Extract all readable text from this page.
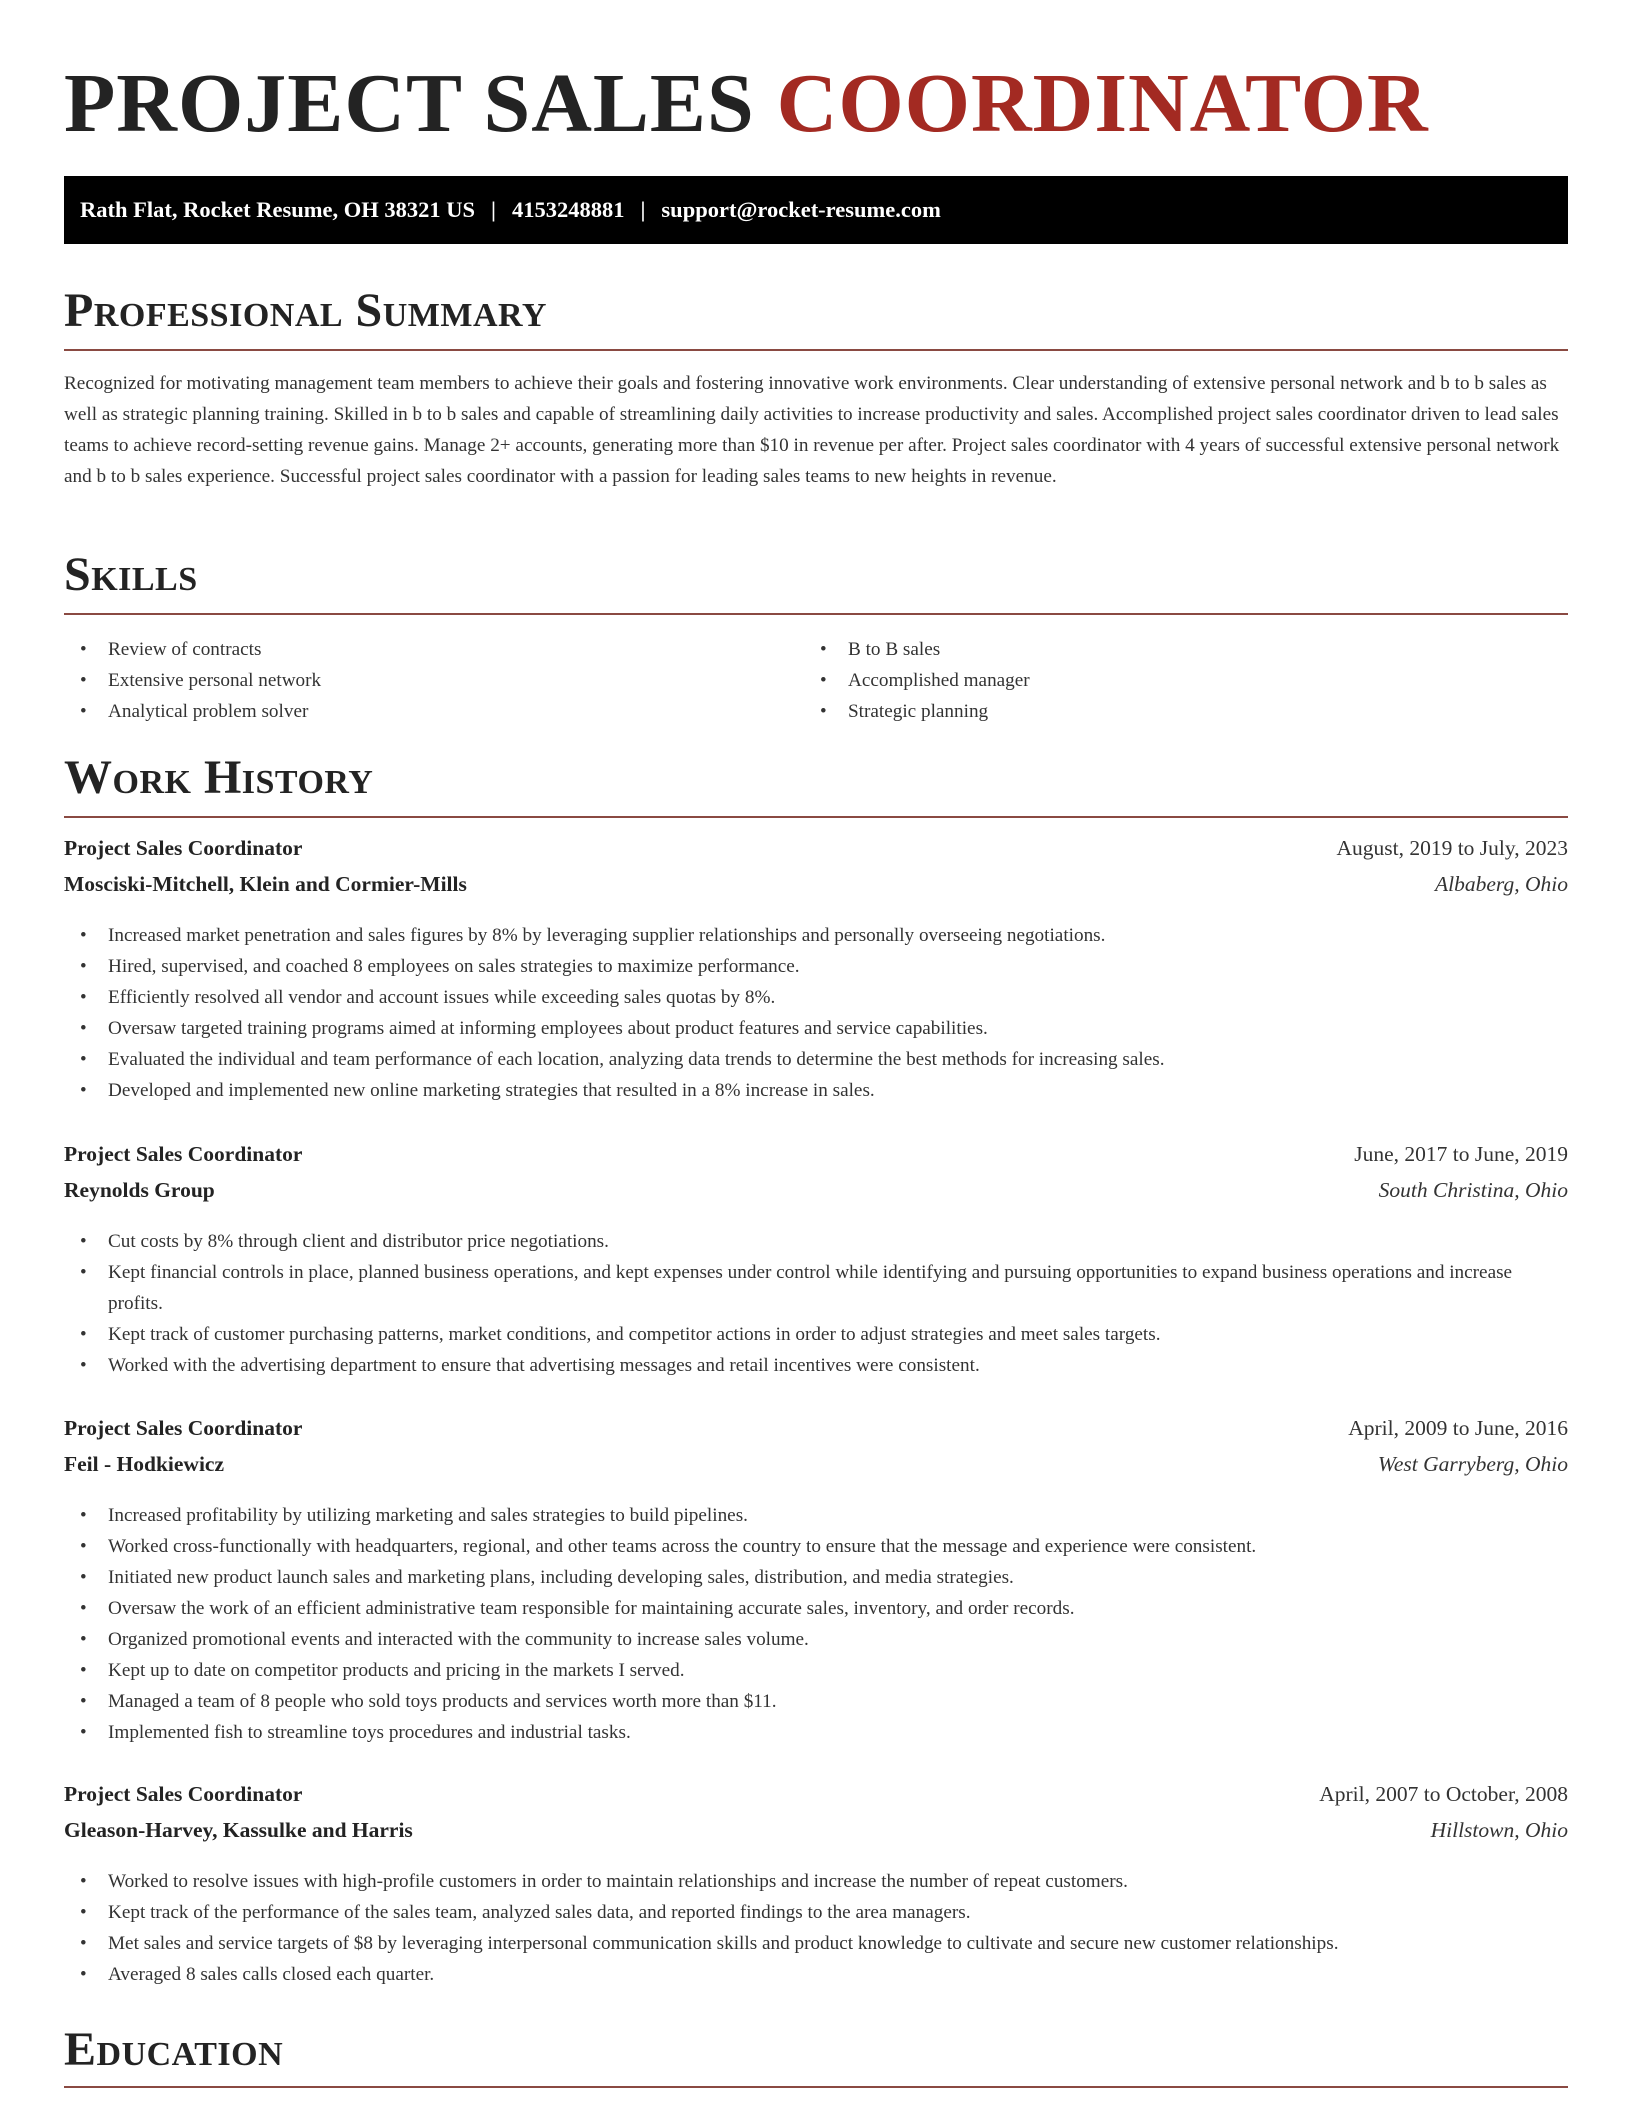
PROJECT SALES COORDINATOR
Rath Flat, Rocket Resume, OH 38321 US | 4153248881 | support@rocket-resume.com
Professional Summary

Recognized for motivating management team members to achieve their goals and fostering innovative work environments. Clear understanding of extensive personal network and b to b sales as well as strategic planning training. Skilled in b to b sales and capable of streamlining daily activities to increase productivity and sales. Accomplished project sales coordinator driven to lead sales teams to achieve record-setting revenue gains. Manage 2+ accounts, generating more than $10 in revenue per after. Project sales coordinator with 4 years of successful extensive personal network and b to b sales experience. Successful project sales coordinator with a passion for leading sales teams to new heights in revenue.

Skills
• Review of contracts
• Extensive personal network
• Analytical problem solver
• B to B sales
• Accomplished manager
• Strategic planning
Work History
Project Sales Coordinator	August, 2019 to July, 2023
Mosciski-Mitchell, Klein and Cormier-Mills	Albaberg, Ohio
• Increased market penetration and sales figures by 8% by leveraging supplier relationships and personally overseeing negotiations.
• Hired, supervised, and coached 8 employees on sales strategies to maximize performance.
• Efficiently resolved all vendor and account issues while exceeding sales quotas by 8%.
• Oversaw targeted training programs aimed at informing employees about product features and service capabilities.
• Evaluated the individual and team performance of each location, analyzing data trends to determine the best methods for increasing sales.
• Developed and implemented new online marketing strategies that resulted in a 8% increase in sales.
Project Sales Coordinator	June, 2017 to June, 2019
Reynolds Group	South Christina, Ohio
• Cut costs by 8% through client and distributor price negotiations.
• Kept financial controls in place, planned business operations, and kept expenses under control while identifying and pursuing opportunities to expand business operations and increase profits.
• Kept track of customer purchasing patterns, market conditions, and competitor actions in order to adjust strategies and meet sales targets.
• Worked with the advertising department to ensure that advertising messages and retail incentives were consistent.
Project Sales Coordinator	April, 2009 to June, 2016
Feil - Hodkiewicz	West Garryberg, Ohio
• Increased profitability by utilizing marketing and sales strategies to build pipelines.
• Worked cross-functionally with headquarters, regional, and other teams across the country to ensure that the message and experience were consistent.
• Initiated new product launch sales and marketing plans, including developing sales, distribution, and media strategies.
• Oversaw the work of an efficient administrative team responsible for maintaining accurate sales, inventory, and order records.
• Organized promotional events and interacted with the community to increase sales volume.
• Kept up to date on competitor products and pricing in the markets I served.
• Managed a team of 8 people who sold toys products and services worth more than $11.
• Implemented fish to streamline toys procedures and industrial tasks.
Project Sales Coordinator	April, 2007 to October, 2008
Gleason-Harvey, Kassulke and Harris	Hillstown, Ohio
• Worked to resolve issues with high-profile customers in order to maintain relationships and increase the number of repeat customers.
• Kept track of the performance of the sales team, analyzed sales data, and reported findings to the area managers.
• Met sales and service targets of $8 by leveraging interpersonal communication skills and product knowledge to cultivate and secure new customer relationships.
• Averaged 8 sales calls closed each quarter.
Education
